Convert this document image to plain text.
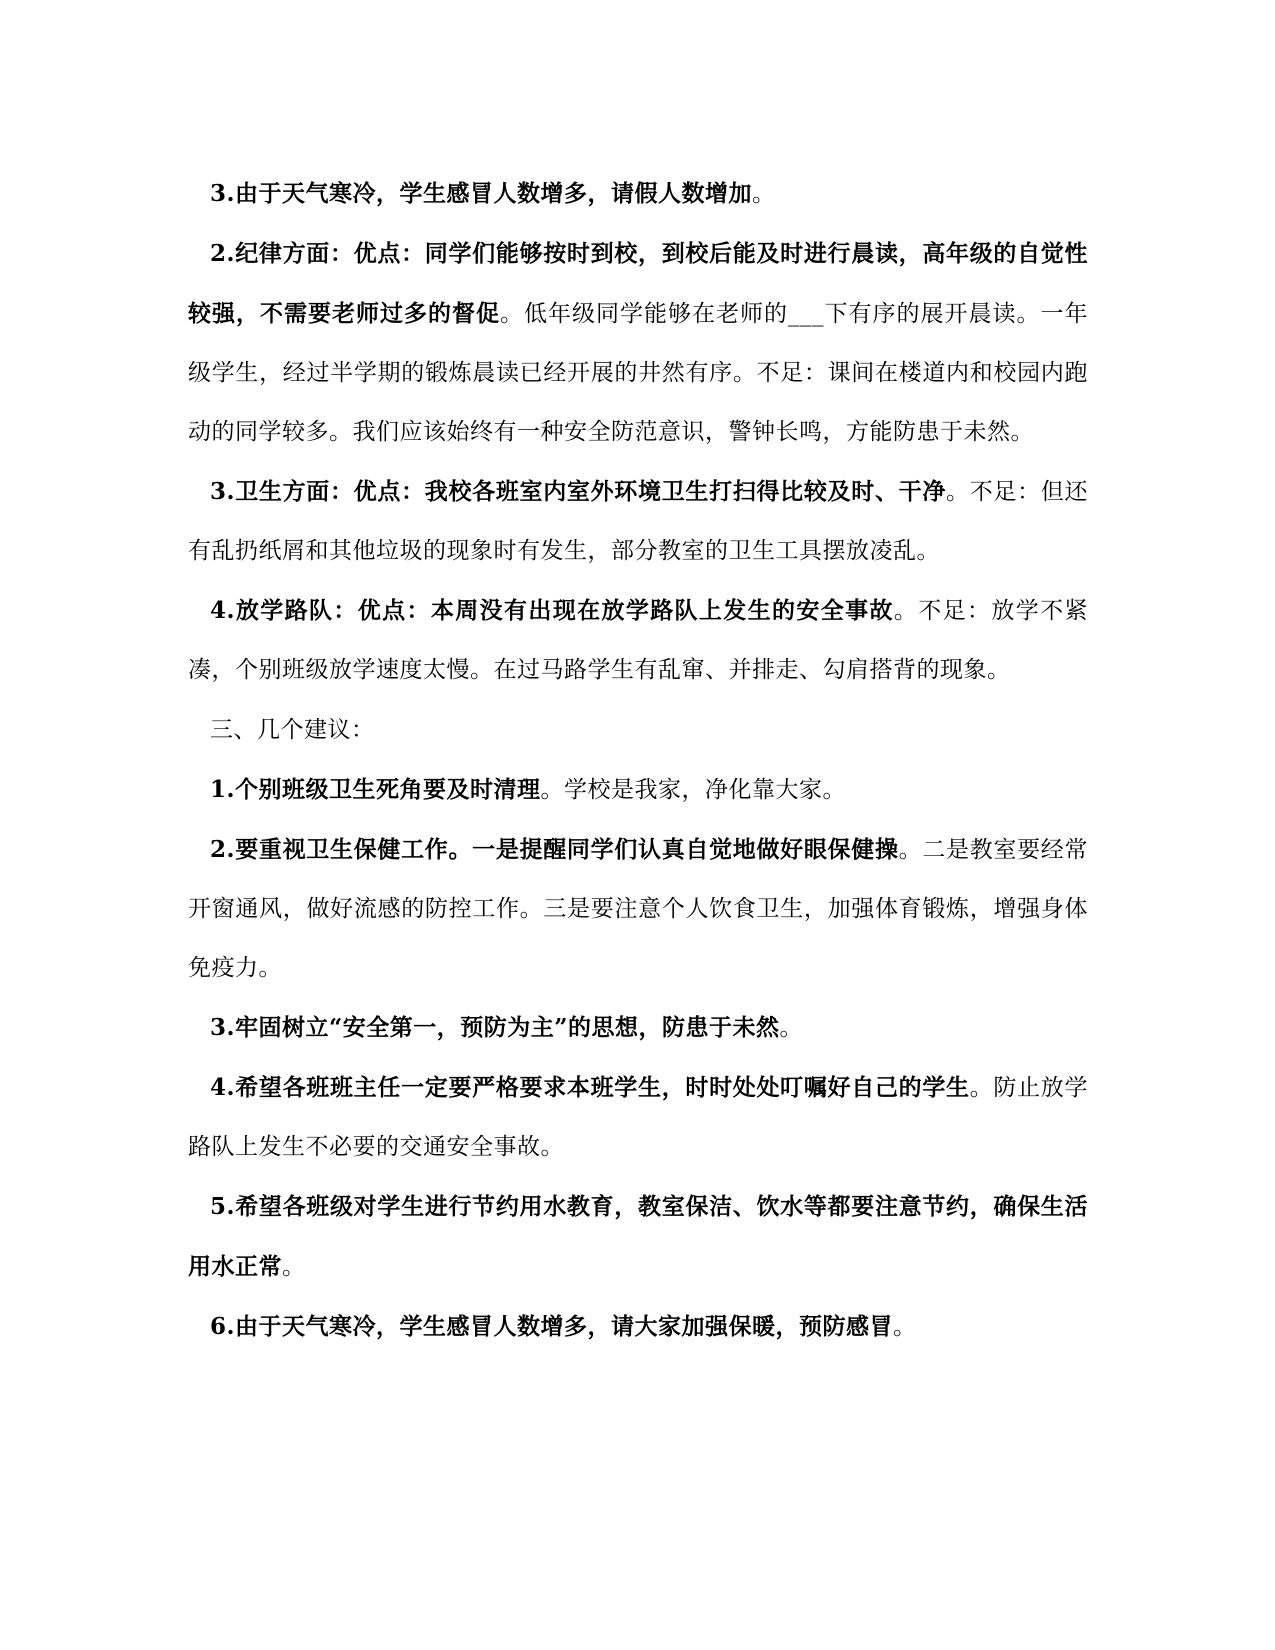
3.由于天气寒冷，学生感冒人数增多，请假人数增加。

2.纪律方面：优点：同学们能够按时到校，到校后能及时进行晨读，高年级的自觉性较强，不需要老师过多的督促。低年级同学能够在老师的___下有序的展开晨读。一年级学生，经过半学期的锻炼晨读已经开展的井然有序。不足：课间在楼道内和校园内跑动的同学较多。我们应该始终有一种安全防范意识，警钟长鸣，方能防患于未然。

3.卫生方面：优点：我校各班室内室外环境卫生打扫得比较及时、干净。不足：但还有乱扔纸屑和其他垃圾的现象时有发生，部分教室的卫生工具摆放凌乱。

4.放学路队：优点：本周没有出现在放学路队上发生的安全事故。不足：放学不紧凑，个别班级放学速度太慢。在过马路学生有乱窜、并排走、勾肩搭背的现象。

三、几个建议：

1.个别班级卫生死角要及时清理。学校是我家，净化靠大家。

2.要重视卫生保健工作。一是提醒同学们认真自觉地做好眼保健操。二是教室要经常开窗通风，做好流感的防控工作。三是要注意个人饮食卫生，加强体育锻炼，增强身体免疫力。

3.牢固树立“安全第一，预防为主”的思想，防患于未然。

4.希望各班班主任一定要严格要求本班学生，时时处处叮嘱好自己的学生。防止放学路队上发生不必要的交通安全事故。

5.希望各班级对学生进行节约用水教育，教室保洁、饮水等都要注意节约，确保生活用水正常。

6.由于天气寒冷，学生感冒人数增多，请大家加强保暖，预防感冒。
